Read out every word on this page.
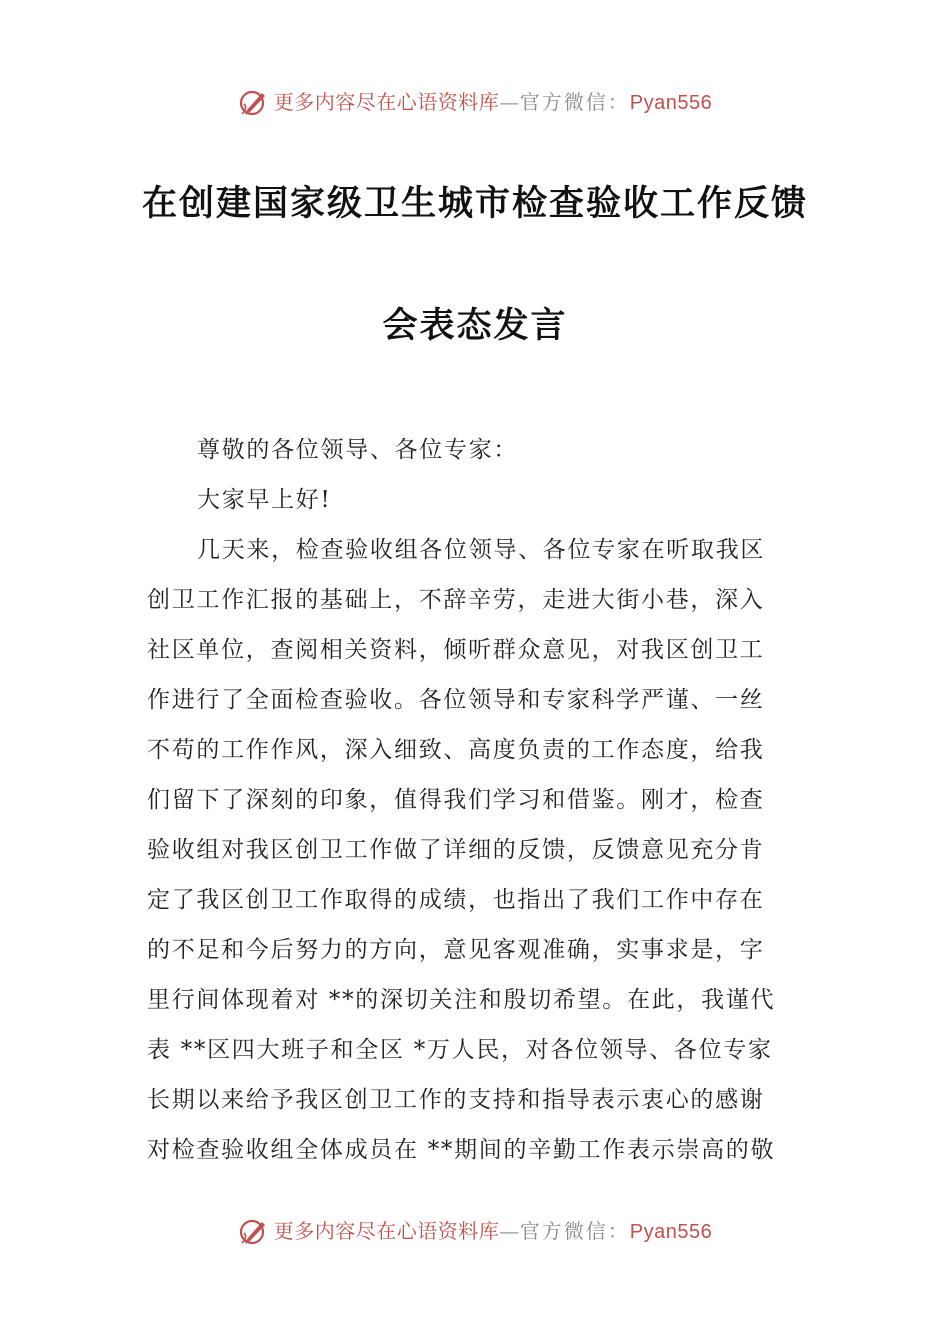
更多内容尽在心语资料库—官方微信：Pyan556
在创建国家级卫生城市检查验收工作反馈
会表态发言
尊敬的各位领导、各位专家：
大家早上好!
几天来，检查验收组各位领导、各位专家在听取我区
创卫工作汇报的基础上，不辞辛劳，走进大街小巷，深入
社区单位，查阅相关资料，倾听群众意见，对我区创卫工
作进行了全面检查验收。各位领导和专家科学严谨、一丝
不苟的工作作风，深入细致、高度负责的工作态度，给我
们留下了深刻的印象，值得我们学习和借鉴。刚才，检查
验收组对我区创卫工作做了详细的反馈，反馈意见充分肯
定了我区创卫工作取得的成绩，也指出了我们工作中存在
的不足和今后努力的方向，意见客观准确，实事求是，字
里行间体现着对 **的深切关注和殷切希望。在此，我谨代
表 **区四大班子和全区 *万人民，对各位领导、各位专家
长期以来给予我区创卫工作的支持和指导表示衷心的感谢
对检查验收组全体成员在 **期间的辛勤工作表示崇高的敬
更多内容尽在心语资料库—官方微信：Pyan556
